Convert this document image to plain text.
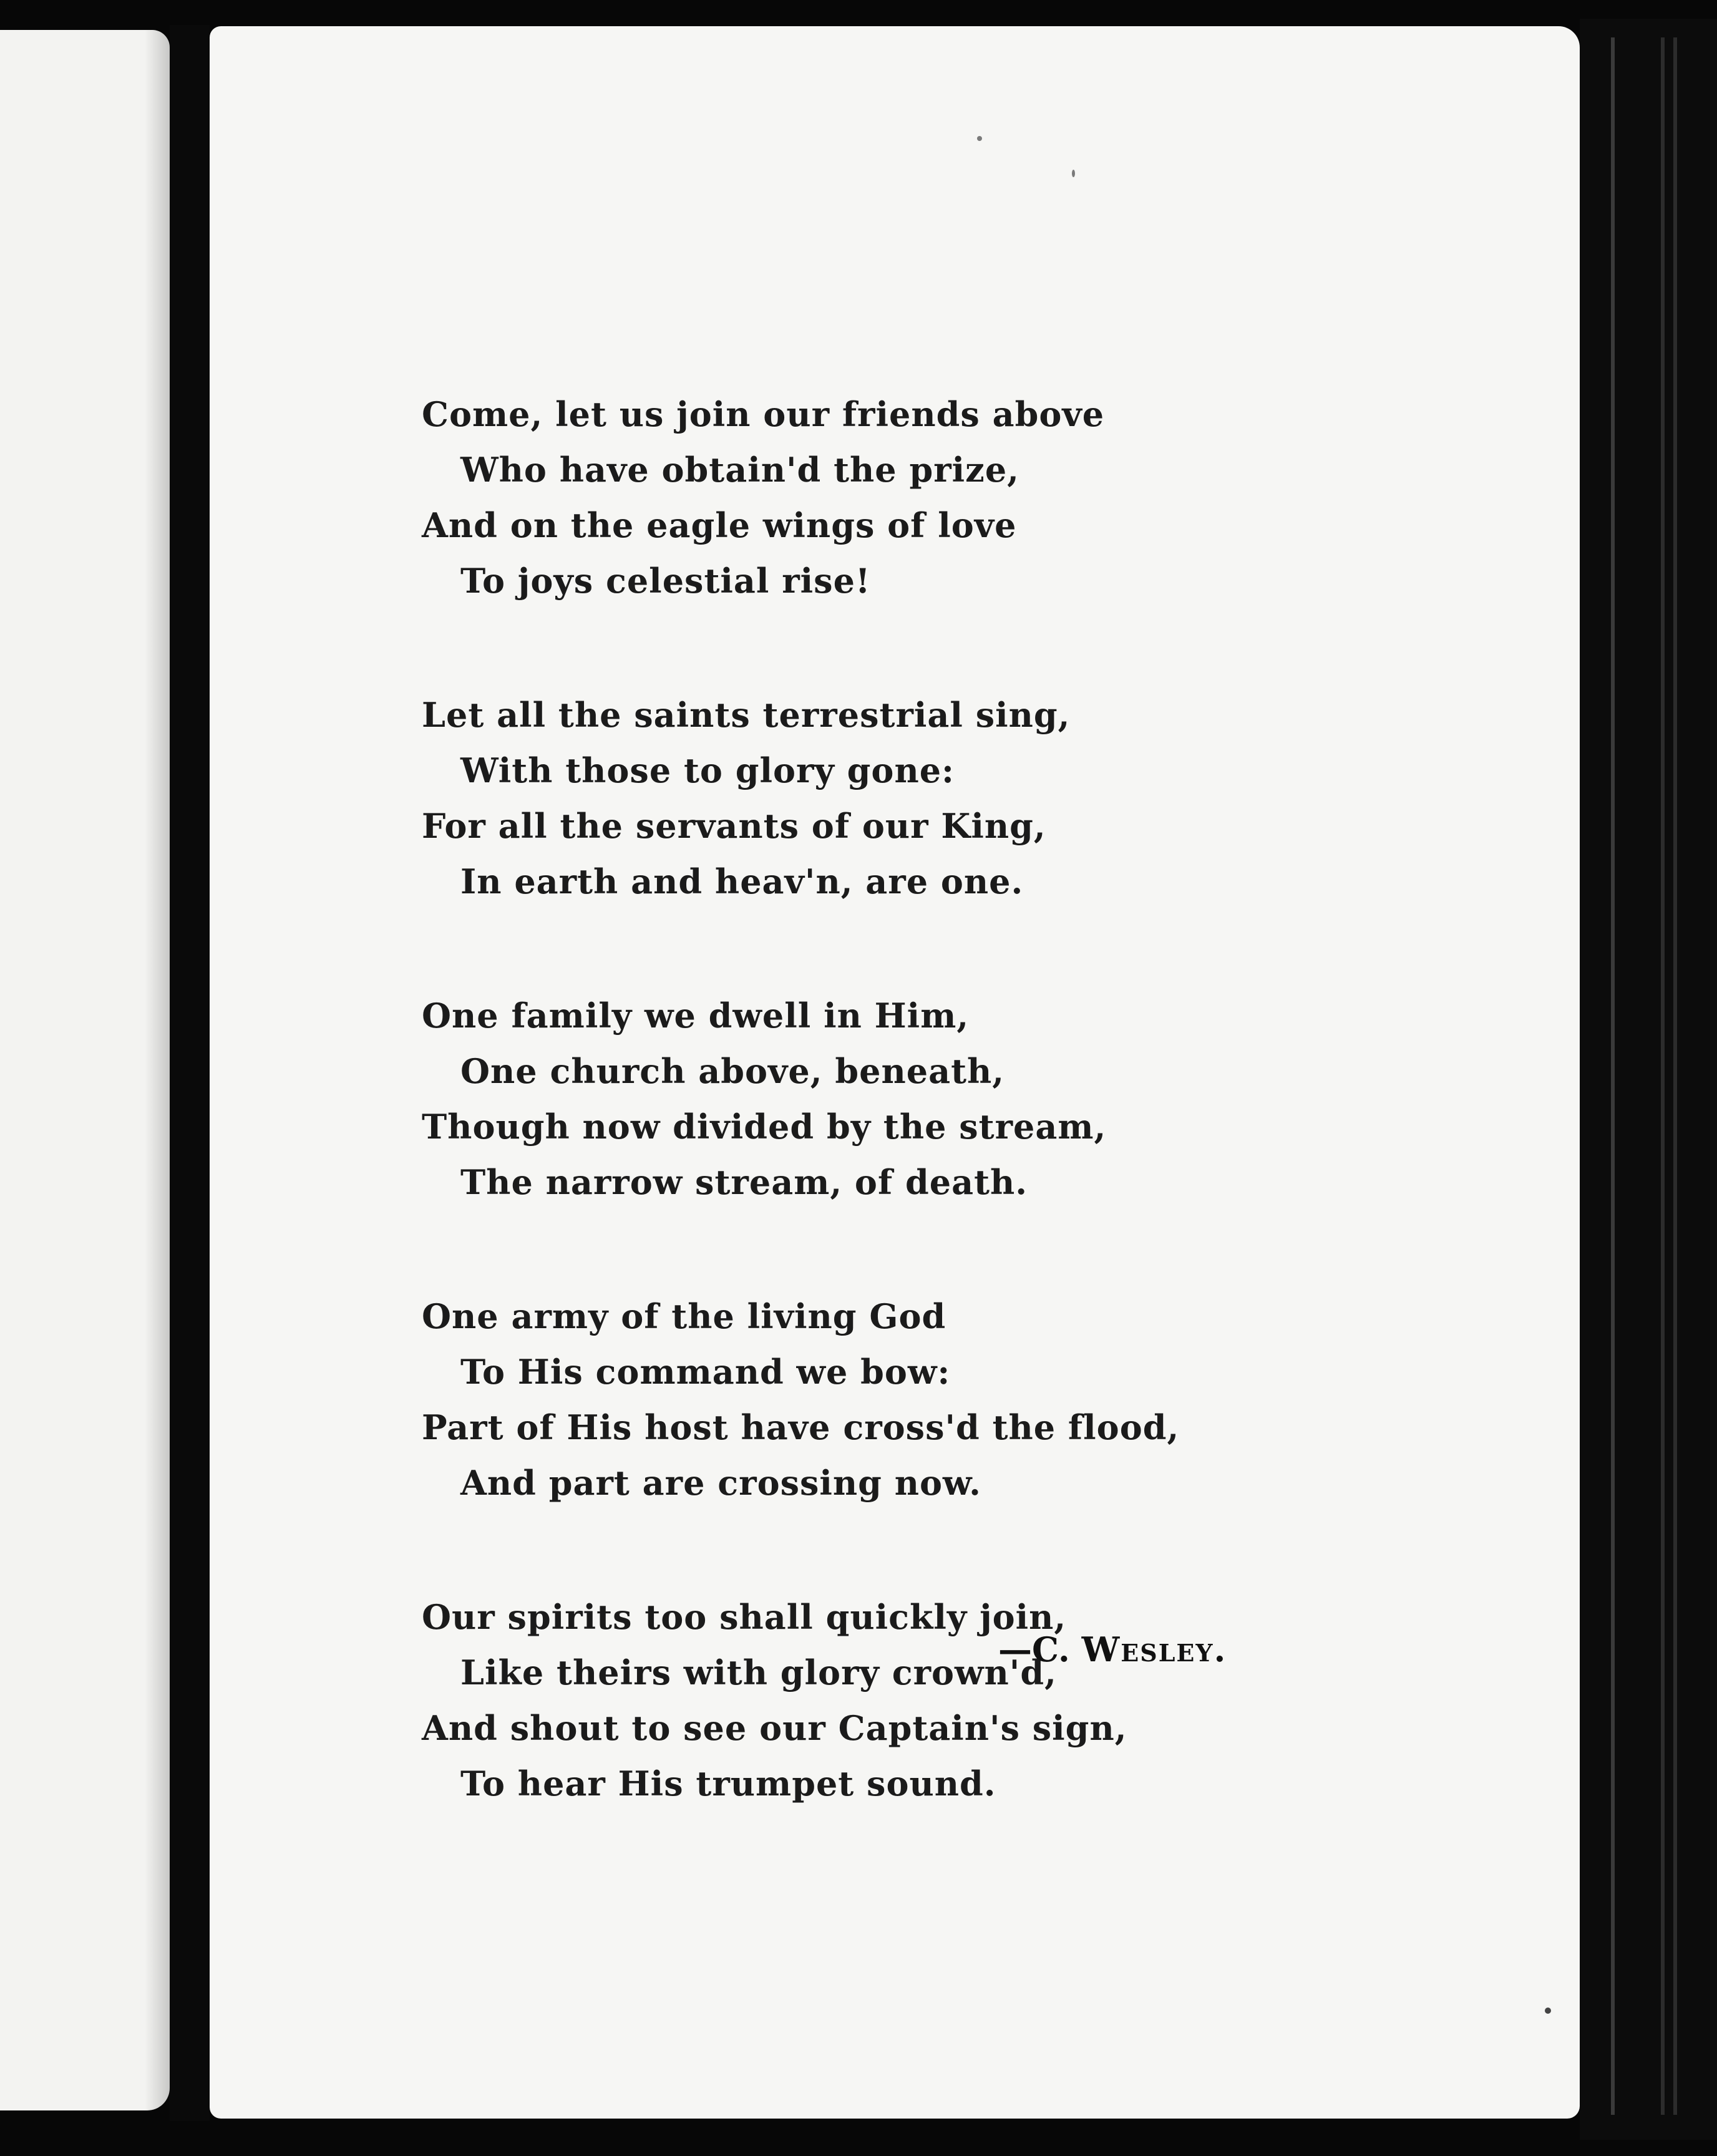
Come, let us join our friends above
Who have obtain'd the prize,
And on the eagle wings of love
To joys celestial rise!
Let all the saints terrestrial sing,
With those to glory gone:
For all the servants of our King,
In earth and heav'n, are one.
One family we dwell in Him,
One church above, beneath,
Though now divided by the stream,
The narrow stream, of death.
One army of the living God
To His command we bow:
Part of His host have cross'd the flood,
And part are crossing now.
Our spirits too shall quickly join,
Like theirs with glory crown'd,
And shout to see our Captain's sign,
To hear His trumpet sound.
—C. Wesley.
